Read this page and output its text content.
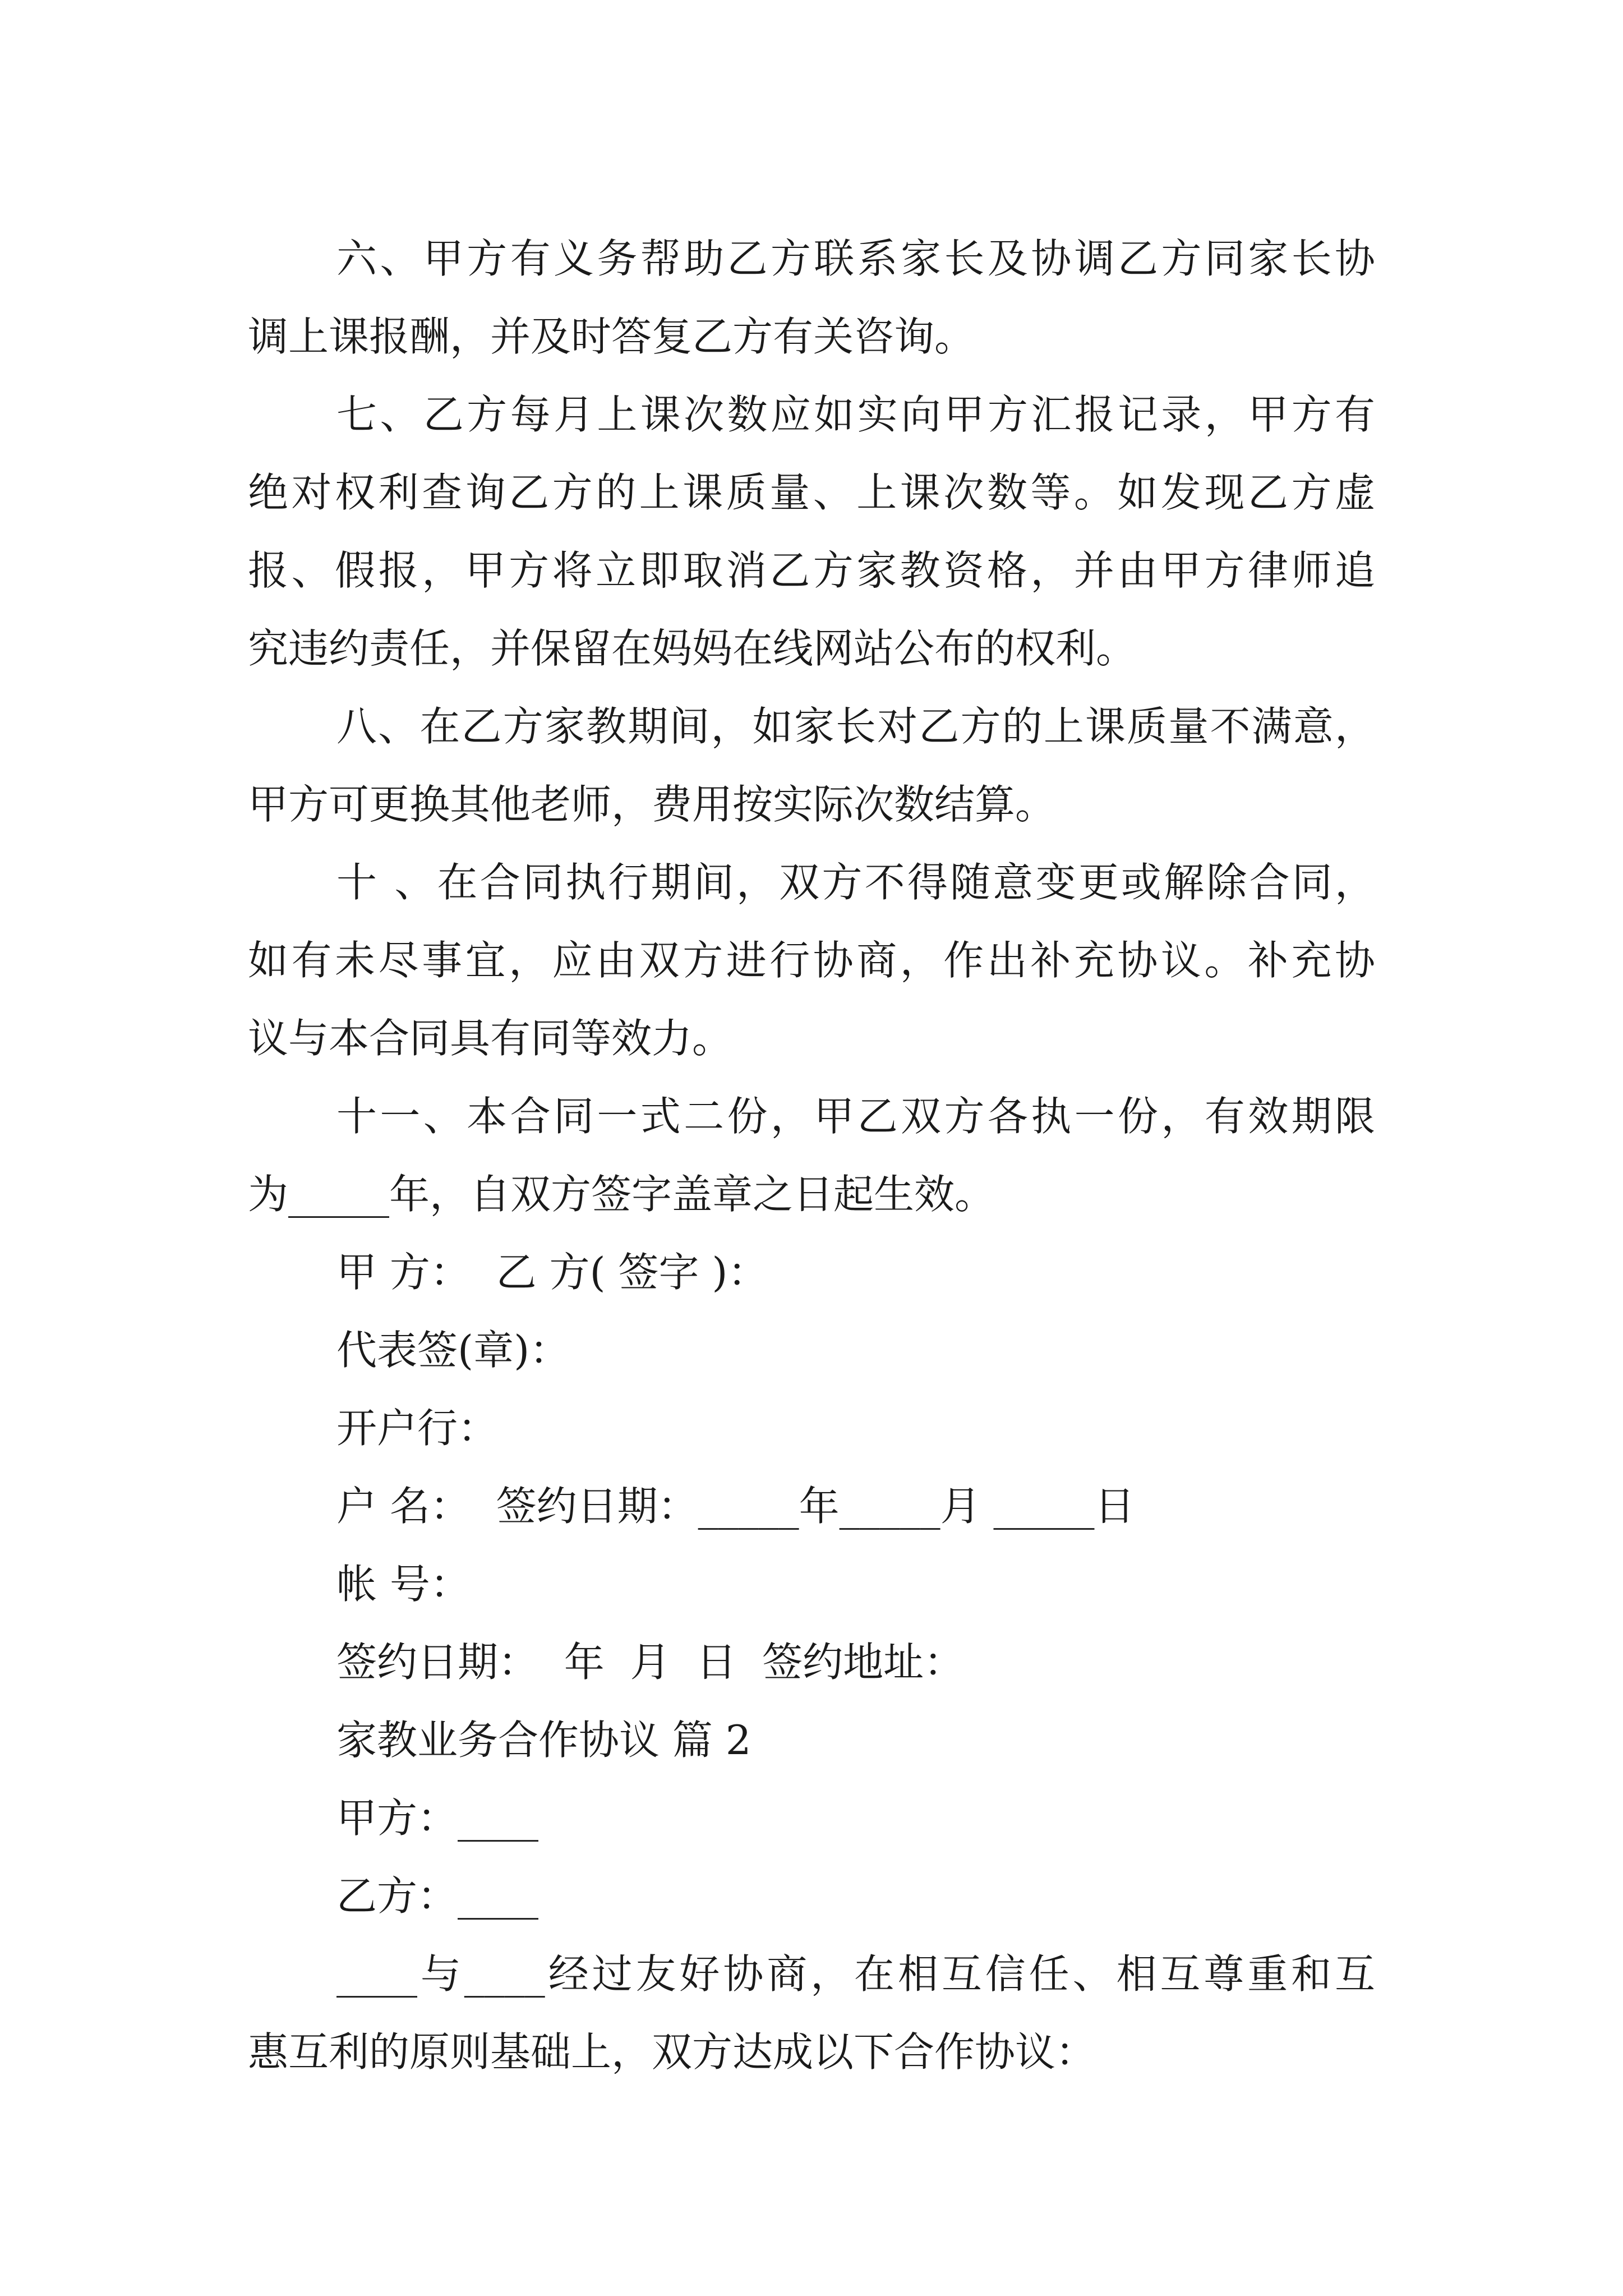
六、甲方有义务帮助乙方联系家长及协调乙方同家长协
调上课报酬，并及时答复乙方有关咨询。
七、乙方每月上课次数应如实向甲方汇报记录，甲方有
绝对权利查询乙方的上课质量、上课次数等。如发现乙方虚
报、假报，甲方将立即取消乙方家教资格，并由甲方律师追
究违约责任，并保留在妈妈在线网站公布的权利。
八、在乙方家教期间，如家长对乙方的上课质量不满意，
甲方可更换其他老师，费用按实际次数结算。
十 、在合同执行期间，双方不得随意变更或解除合同，
如有未尽事宜，应由双方进行协商，作出补充协议。补充协
议与本合同具有同等效力。
十一、本合同一式二份，甲乙双方各执一份，有效期限
为_____年，自双方签字盖章之日起生效。
甲 方：  乙 方( 签字 )：
代表签(章)：
开户行：
户 名：  签约日期：_____年_____月 _____日
帐 号：
签约日期：  年  月  日  签约地址：
家教业务合作协议 篇 2
甲方：____
乙方：____
____与____经过友好协商，在相互信任、相互尊重和互
惠互利的原则基础上，双方达成以下合作协议：
